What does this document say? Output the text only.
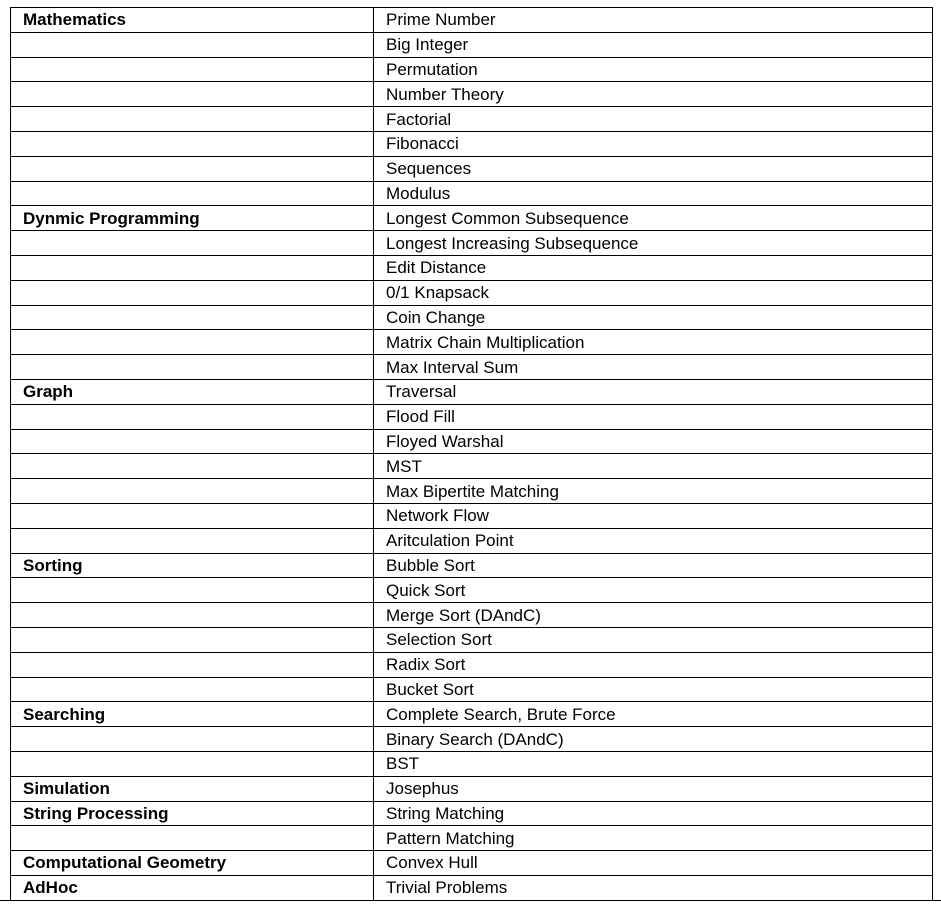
Mathematics	Prime Number
	Big Integer
	Permutation
	Number Theory
	Factorial
	Fibonacci
	Sequences
	Modulus
Dynmic Programming	Longest Common Subsequence
	Longest Increasing Subsequence
	Edit Distance
	0/1 Knapsack
	Coin Change
	Matrix Chain Multiplication
	Max Interval Sum
Graph	Traversal
	Flood Fill
	Floyed Warshal
	MST
	Max Bipertite Matching
	Network Flow
	Aritculation Point
Sorting	Bubble Sort
	Quick Sort
	Merge Sort (DAndC)
	Selection Sort
	Radix Sort
	Bucket Sort
Searching	Complete Search, Brute Force
	Binary Search (DAndC)
	BST
Simulation	Josephus
String Processing	String Matching
	Pattern Matching
Computational Geometry	Convex Hull
AdHoc	Trivial Problems
